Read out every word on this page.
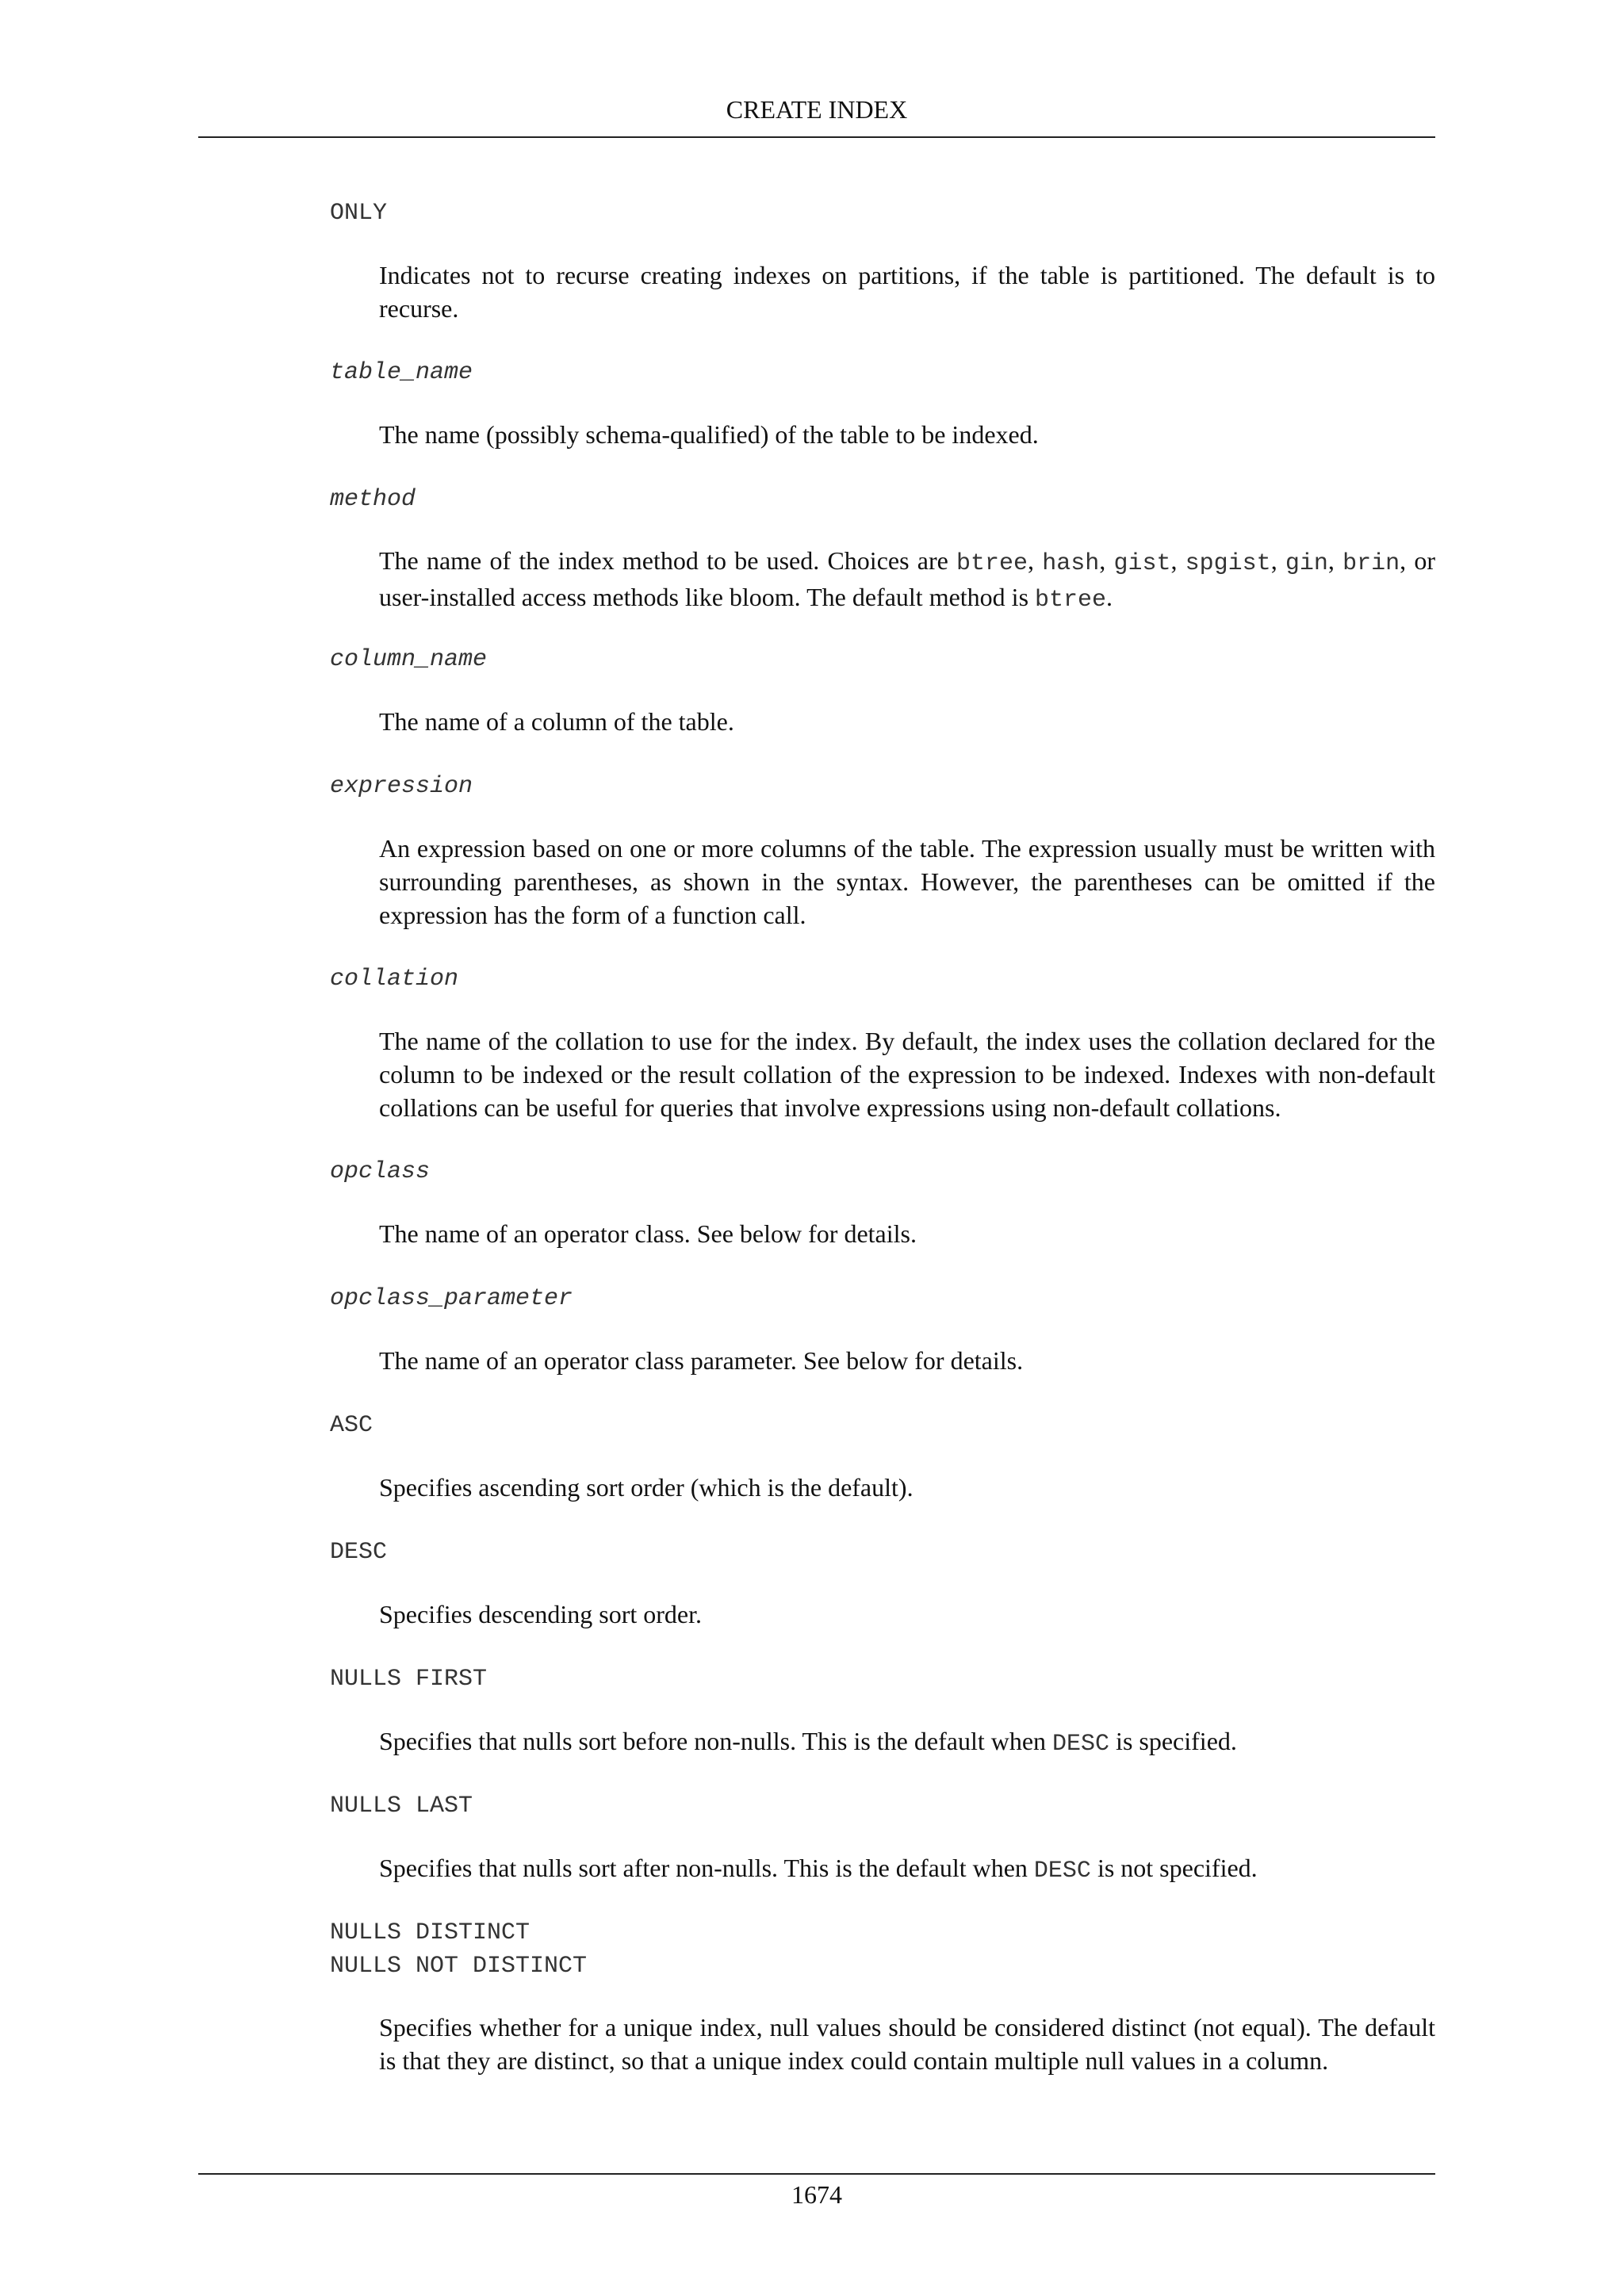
CREATE INDEX
ONLY

Indicates not to recurse creating indexes on partitions, if the table is partitioned. The default is to recurse.

table_name

The name (possibly schema-qualified) of the table to be indexed.

method

The name of the index method to be used. Choices are btree, hash, gist, spgist, gin, brin, or user-installed access methods like bloom. The default method is btree.

column_name

The name of a column of the table.

expression

An expression based on one or more columns of the table. The expression usually must be written with surrounding parentheses, as shown in the syntax. However, the parentheses can be omitted if the expression has the form of a function call.

collation

The name of the collation to use for the index. By default, the index uses the collation declared for the column to be indexed or the result collation of the expression to be indexed. Indexes with non-default collations can be useful for queries that involve expressions using non-default collations.

opclass

The name of an operator class. See below for details.

opclass_parameter

The name of an operator class parameter. See below for details.

ASC

Specifies ascending sort order (which is the default).

DESC

Specifies descending sort order.

NULLS FIRST

Specifies that nulls sort before non-nulls. This is the default when DESC is specified.

NULLS LAST

Specifies that nulls sort after non-nulls. This is the default when DESC is not specified.

NULLS DISTINCT
NULLS NOT DISTINCT

Specifies whether for a unique index, null values should be considered distinct (not equal). The default is that they are distinct, so that a unique index could contain multiple null values in a column.

1674
